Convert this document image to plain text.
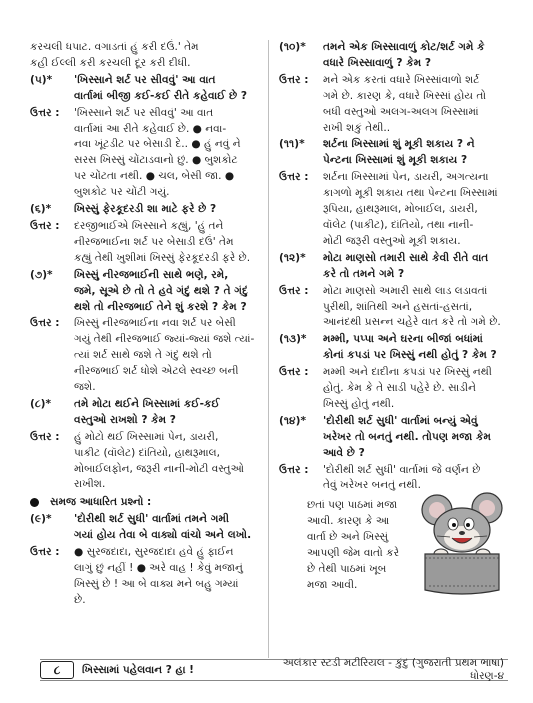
કરચલી ધપાટ. વગાડતાં હું કરી દઉં.' તેમ
કહી ઈલ્લી કરી કરચલી દૂર કરી દીધી.
(૫)*	'ખિસ્સાને શર્ટ પર સીવવું' આ વાત
વાર્તામાં બીજી કઈ-કઈ રીતે કહેવાઈ છે ?
ઉત્તર :	'ખિસ્સાને શર્ટ પર સીવવું' આ વાત
વાર્તામાં આ રીતે કહેવાઈ છે. ● નવા-
નવા ખૂંટડીટ પર બેસાડી દે.. ● હું નવું ને
સરસ ખિસ્સું ચોંટાડવાનો છું. ● બુશકોટ
પર ચોંટતા નથી. ● ચલ, બેસી જા. ●
બુશકોટ પર ચોંટી ગયું.
(૬)*	ખિસ્સું ફેરકૂદરડી શા માટે ફરે છે ?
ઉત્તર :	દરજીભાઈએ ખિસ્સાને કહ્યું, 'હું તને
નીરજભાઈના શર્ટ પર બેસાડી દઉં' તેમ
કહ્યું તેથી ખુશીમાં ખિસ્સું ફેરકૂદરડી ફરે છે.
(૭)*	ખિસ્સું નીરજભાઈની સાથે ભણે, રમે,
જમે, સૂએ છે તો તે હવે ગંદું થશે ? તે ગંદું
થશે તો નીરજભાઈ તેને શું કરશે ? કેમ ?
ઉત્તર :	ખિસ્સું નીરજભાઈના નવા શર્ટ પર બેસી
ગયું તેથી નીરજભાઈ જ્યાં-જ્યાં જશે ત્યાં-
ત્યાં શર્ટ સાથે જશે તે ગંદું થશે તો
નીરજભાઈ શર્ટ ધોશે એટલે સ્વચ્છ બની
જશે.
(૮)*	તમે મોટા થઈને ખિસ્સામાં કઈ-કઈ
વસ્તુઓ રાખશો ? કેમ ?
ઉત્તર :	હું મોટો થઈ ખિસ્સામાં પેન, ડાયરી,
પાકીટ (વૉલેટ) દાંતિયો, હાથરૂમાલ,
મોબાઈલફોન, જરૂરી નાની-મોટી વસ્તુઓ
રાખીશ.
સમજ આધારિત પ્રશ્નો :
(૯)*	'દોરીથી શર્ટ સુધી' વાર્તામાં તમને ગમી
ગયાં હોય તેવા બે વાક્યો વાંચો અને લખો.
ઉત્તર :	● સુરજદાદા, સુરજદાદા હવે હું ફાઈન
લાગું છું નહીં ! ● અરે વાહ ! કેવું મજાનું
ખિસ્સું છે ! આ બે વાક્ય મને બહુ ગમ્યાં
છે.
(૧૦)*	તમને એક ખિસ્સાવાળું કોટ/શર્ટ ગમે કે
વધારે ખિસ્સાવાળું ? કેમ ?
ઉત્તર :	મને એક કરતાં વધારે ખિસ્સાંવાળો શર્ટ
ગમે છે. કારણ કે, વધારે ખિસ્સાં હોય તો
બધી વસ્તુઓ અલગ-અલગ ખિસ્સામાં
રાખી શકું તેથી..
(૧૧)*	શર્ટના ખિસ્સામાં શું મૂકી શકાય ? ને
પેન્ટના ખિસ્સામાં શું મૂકી શકાય ?
ઉત્તર :	શર્ટના ખિસ્સામાં પેન, ડાયરી, અગત્યના
કાગળો મૂકી શકાય તથા પેન્ટના ખિસ્સામાં
રૂપિયા, હાથરૂમાલ, મોબાઈલ, ડાયરી,
વૉલેટ (પાકીટ), દાંતિયો, તથા નાની-
મોટી જરૂરી વસ્તુઓ મૂકી શકાય.
(૧૨)*	મોટા માણસો તમારી સાથે કેવી રીતે વાત
કરે તો તમને ગમે ?
ઉત્તર :	મોટા માણસો અમારી સાથે લાડ લડાવતાં
પુરીથી, શાંતિથી અને હસતાં-હસતાં,
આનંદથી પ્રસન્ન ચહેરે વાત કરે તો ગમે છે.
(૧૩)*	મમ્મી, પપ્પા અને ઘરના બીજાં બધાંમાં
કોનાં કપડાં પર ખિસ્સું નથી હોતું ? કેમ ?
ઉત્તર :	મમ્મી અને દાદીના કપડાં પર ખિસ્સું નથી
હોતું. કેમ કે તે સાડી પહેરે છે. સાડીને
ખિસ્સું હોતું નથી.
(૧૪)*	'દોરીથી શર્ટ સુધી' વાર્તામાં બન્યું એવું
ખરેખર તો બનતું નથી. તોપણ મજા કેમ
આવે છે ?
ઉત્તર :	'દોરીથી શર્ટ સુધી' વાર્તામાં જે વર્ણન છે
તેવું ખરેખર બનતું નથી.
છતાં પણ પાઠમાં મજા
આવી. કારણ કે આ
વાર્તા છે અને ખિસ્સું
આપણી જેમ વાતો કરે
છે તેથી પાઠમાં ખૂબ
મજા આવી.
૮	ખિસ્સામાં પહેલવાન ? હા !
અલંકાર સ્ટડી મટીરિયલ - કુંદુ (ગુજરાતી પ્રથમ ભાષા) ધોરણ-૪
